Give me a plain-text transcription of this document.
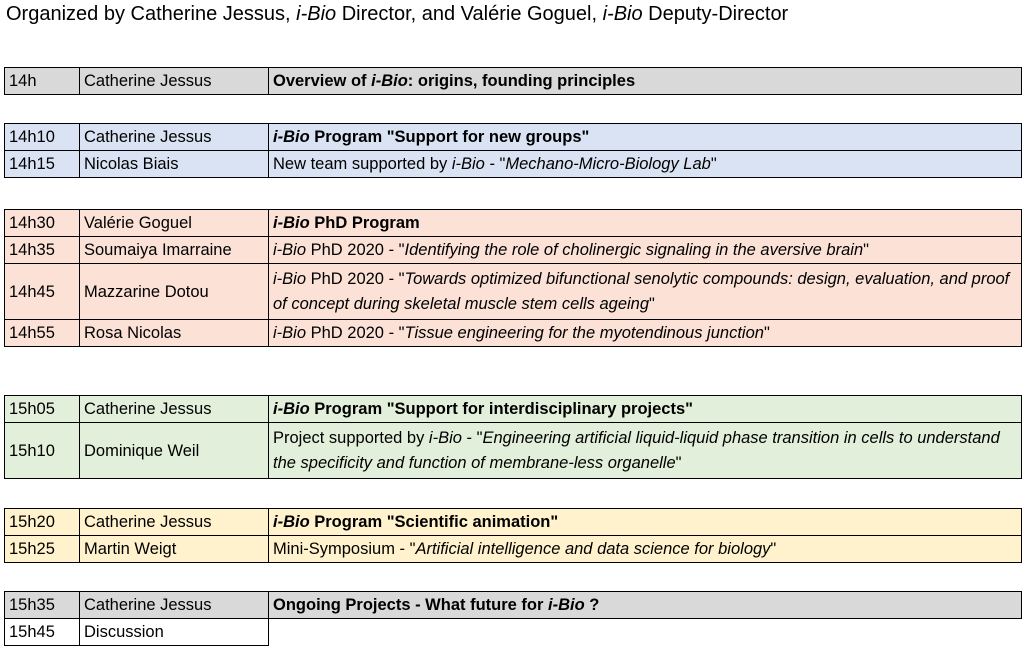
Organized by Catherine Jessus, i-Bio Director, and Valérie Goguel, i-Bio Deputy-Director
14h	Catherine Jessus	Overview of i-Bio: origins, founding principles
14h10	Catherine Jessus	i-Bio Program "Support for new groups"
14h15	Nicolas Biais	New team supported by i-Bio - "Mechano-Micro-Biology Lab"
14h30	Valérie Goguel	i-Bio PhD Program
14h35	Soumaiya Imarraine	i-Bio PhD 2020 - "Identifying the role of cholinergic signaling in the aversive brain"
14h45	Mazzarine Dotou	i-Bio PhD 2020 - "Towards optimized bifunctional senolytic compounds: design, evaluation, and proof of concept during skeletal muscle stem cells ageing"
14h55	Rosa Nicolas	i-Bio PhD 2020 - "Tissue engineering for the myotendinous junction"
15h05	Catherine Jessus	i-Bio Program "Support for interdisciplinary projects"
15h10	Dominique Weil	Project supported by i-Bio - "Engineering artificial liquid-liquid phase transition in cells to understand the specificity and function of membrane-less organelle"
15h20	Catherine Jessus	i-Bio Program "Scientific animation"
15h25	Martin Weigt	Mini-Symposium - "Artificial intelligence and data science for biology"
15h35	Catherine Jessus	Ongoing Projects - What future for i-Bio ?
15h45	Discussion	
